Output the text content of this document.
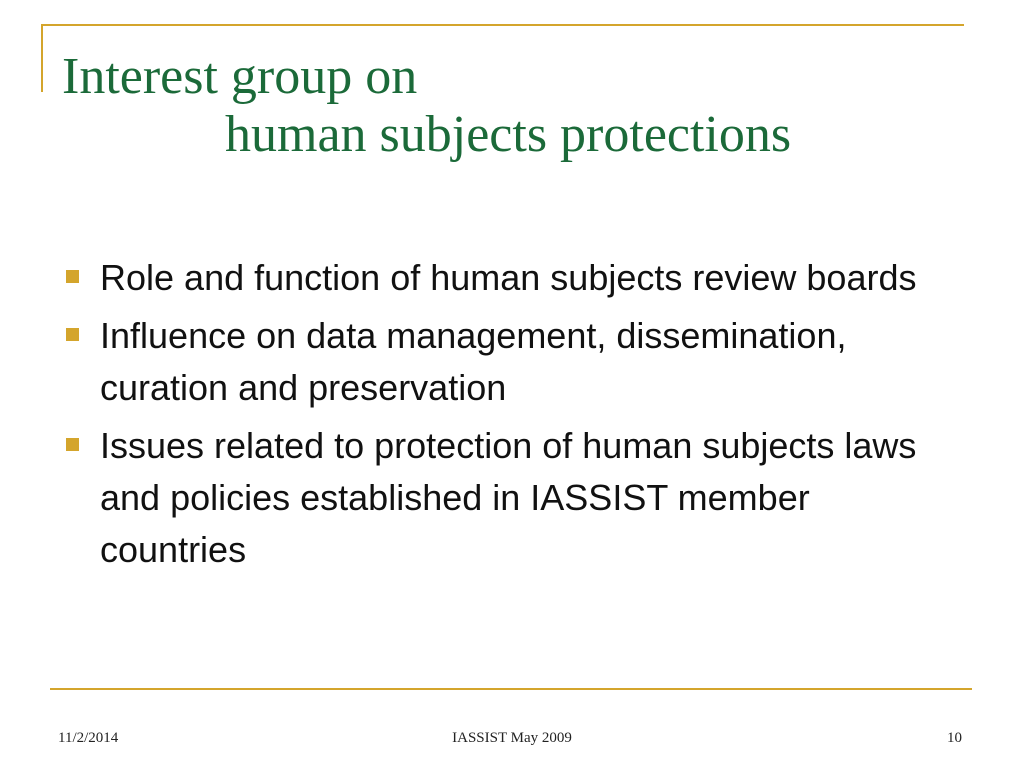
Interest group on
human subjects protections
Role and function of human subjects review boards
Influence on data management, dissemination, curation and preservation
Issues related to protection of human subjects laws and policies established in IASSIST member countries
11/2/2014	IASSIST May 2009	10
